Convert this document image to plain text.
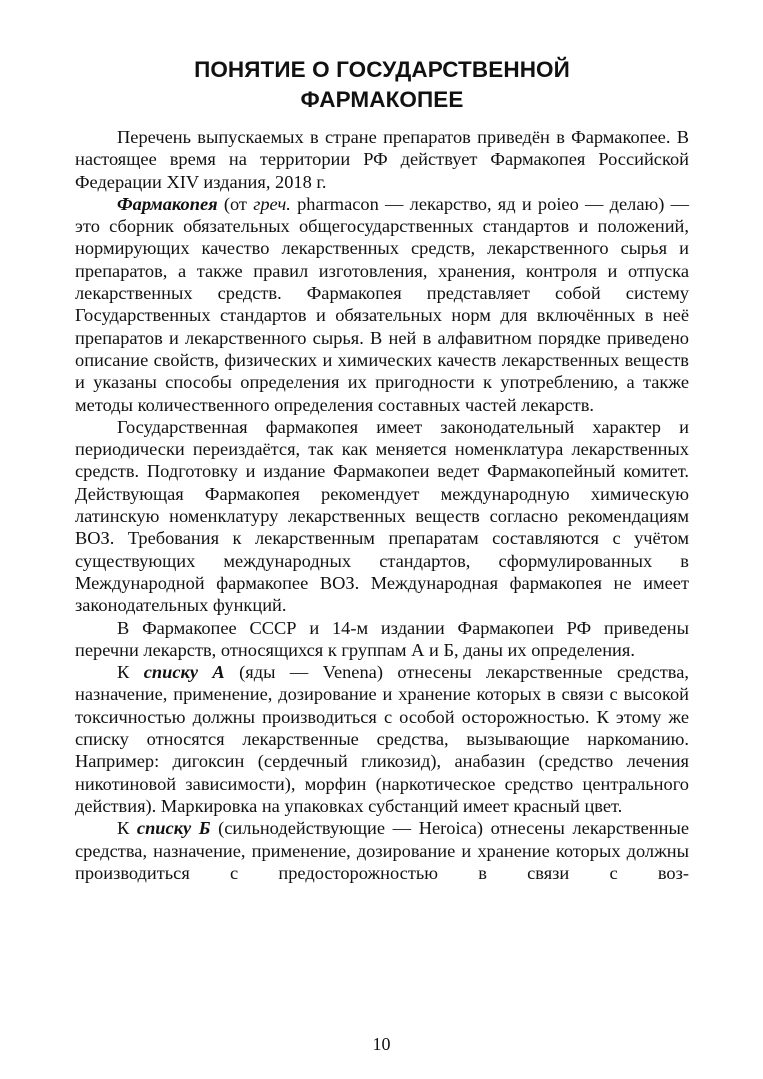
ПОНЯТИЕ О ГОСУДАРСТВЕННОЙ
ФАРМАКОПЕЕ

Перечень выпускаемых в стране препаратов приведён в Фармакопее. В настоящее время на территории РФ действует Фармакопея Российской Федерации XIV издания, 2018 г.

Фармакопея (от греч. pharmacon — лекарство, яд и poieo — делаю) — это сборник обязательных общегосударственных стандартов и положений, нормирующих качество лекарственных средств, лекарственного сырья и препаратов, а также правил изготовления, хранения, контроля и отпуска лекарственных средств. Фармакопея представляет собой систему Государственных стандартов и обязательных норм для включённых в неё препаратов и лекарственного сырья. В ней в алфавитном порядке приведено описание свойств, физических и химических качеств лекарственных веществ и указаны способы определения их пригодности к употреблению, а также методы количественного определения составных частей лекарств.

Государственная фармакопея имеет законодательный характер и периодически переиздаётся, так как меняется номенклатура лекарственных средств. Подготовку и издание Фармакопеи ведет Фармакопейный комитет. Действующая Фармакопея рекомендует международную химическую латинскую номенклатуру лекарственных веществ согласно рекомендациям ВОЗ. Требования к лекарственным препаратам составляются с учётом существующих международных стандартов, сформулированных в Международной фармакопее ВОЗ. Международная фармакопея не имеет законодательных функций.

В Фармакопее СССР и 14-м издании Фармакопеи РФ приведены перечни лекарств, относящихся к группам А и Б, даны их определения.

К списку А (яды — Venena) отнесены лекарственные средства, назначение, применение, дозирование и хранение которых в связи с высокой токсичностью должны производиться с особой осторожностью. К этому же списку относятся лекарственные средства, вызывающие наркоманию. Например: дигоксин (сердечный гликозид), анабазин (средство лечения никотиновой зависимости), морфин (наркотическое средство центрального действия). Маркировка на упаковках субстанций имеет красный цвет.

К списку Б (сильнодействующие — Heroica) отнесены лекарственные средства, назначение, применение, дозирование и хранение которых должны производиться с предосторожностью в связи с воз-

10
